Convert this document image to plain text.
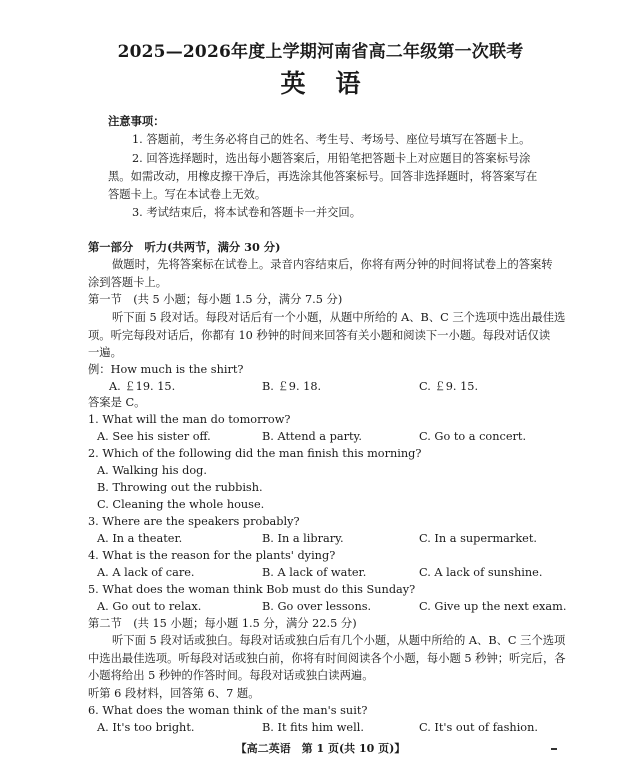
2025—2026年度上学期河南省高二年级第一次联考
英语
注意事项：
1. 答题前，考生务必将自己的姓名、考生号、考场号、座位号填写在答题卡上。
2. 回答选择题时，选出每小题答案后，用铅笔把答题卡上对应题目的答案标号涂
黑。如需改动，用橡皮擦干净后，再选涂其他答案标号。回答非选择题时，将答案写在
答题卡上。写在本试卷上无效。
3. 考试结束后，将本试卷和答题卡一并交回。
第一部分　听力(共两节，满分 30 分)
做题时，先将答案标在试卷上。录音内容结束后，你将有两分钟的时间将试卷上的答案转
涂到答题卡上。
第一节　(共 5 小题；每小题 1.5 分，满分 7.5 分)
听下面 5 段对话。每段对话后有一个小题，从题中所给的 A、B、C 三个选项中选出最佳选
项。听完每段对话后，你都有 10 秒钟的时间来回答有关小题和阅读下一小题。每段对话仅读
一遍。
例：How much is the shirt?
A. ￡19. 15.	B. ￡9. 18.	C. ￡9. 15.
答案是 C。
1. What will the man do tomorrow?
A. See his sister off.	B. Attend a party.	C. Go to a concert.
2. Which of the following did the man finish this morning?
A. Walking his dog.
B. Throwing out the rubbish.
C. Cleaning the whole house.
3. Where are the speakers probably?
A. In a theater.	B. In a library.	C. In a supermarket.
4. What is the reason for the plants' dying?
A. A lack of care.	B. A lack of water.	C. A lack of sunshine.
5. What does the woman think Bob must do this Sunday?
A. Go out to relax.	B. Go over lessons.	C. Give up the next exam.
第二节　(共 15 小题；每小题 1.5 分，满分 22.5 分)
听下面 5 段对话或独白。每段对话或独白后有几个小题，从题中所给的 A、B、C 三个选项
中选出最佳选项。听每段对话或独白前，你将有时间阅读各个小题，每小题 5 秒钟；听完后，各
小题将给出 5 秒钟的作答时间。每段对话或独白读两遍。
听第 6 段材料，回答第 6、7 题。
6. What does the woman think of the man's suit?
A. It's too bright.	B. It fits him well.	C. It's out of fashion.
【高二英语　第 1 页(共 10 页)】
